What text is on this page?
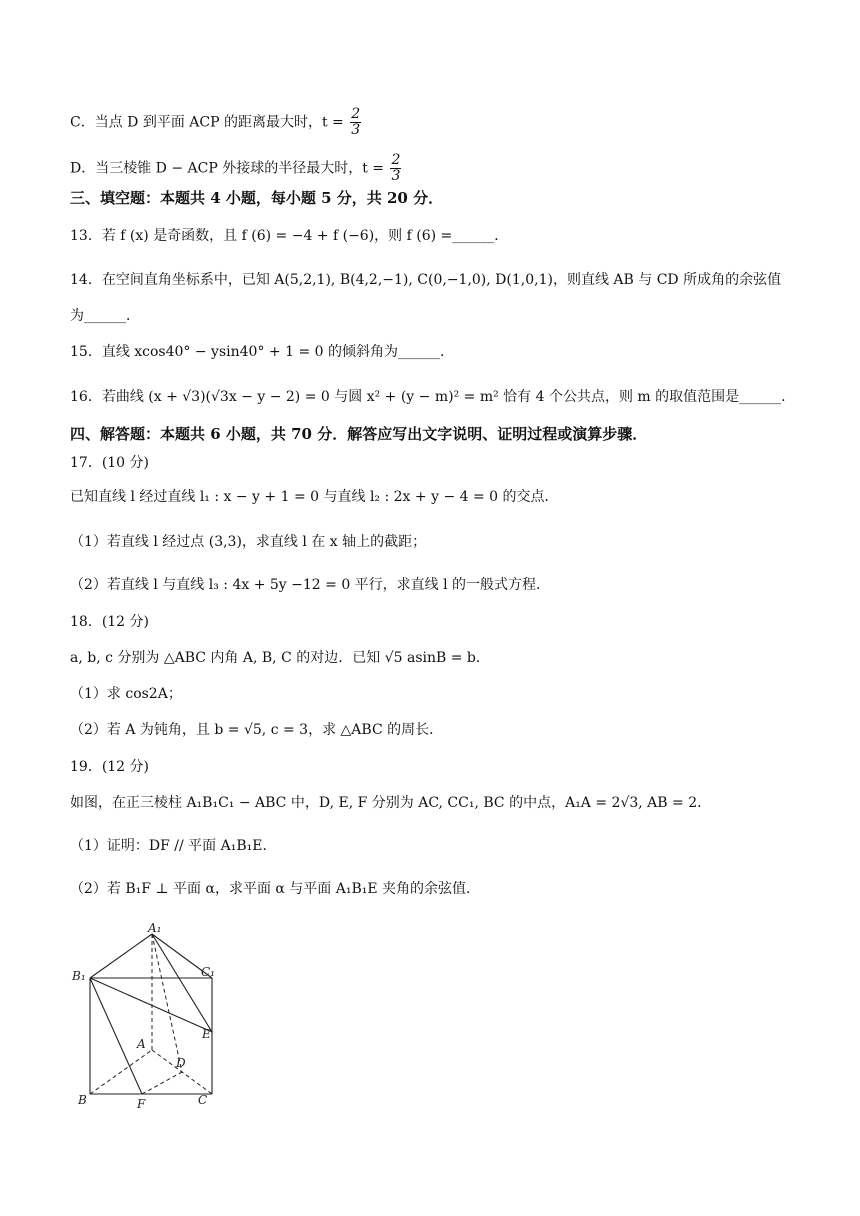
C．当点 D 到平面 ACP 的距离最大时，$t = \frac{2}{3}$
D．当三棱锥 D − ACP 外接球的半径最大时，$t = \frac{2}{3}$
三、填空题：本题共 4 小题，每小题 5 分，共 20 分．
13．若 f (x) 是奇函数，且 f (6) = −4 + f (−6)，则 f (6) =______．
14．在空间直角坐标系中，已知 A(5,2,1), B(4,2,−1), C(0,−1,0), D(1,0,1)，则直线 AB 与 CD 所成角的余弦值为______．
15．直线 xcos40° − ysin40° + 1 = 0 的倾斜角为______．
16．若曲线 (x + √3)(√3x − y − 2) = 0 与圆 x² + (y − m)² = m² 恰有 4 个公共点，则 m 的取值范围是______．
四、解答题：本题共 6 小题，共 70 分．解答应写出文字说明、证明过程或演算步骤．
17．(10 分)
已知直线 l 经过直线 l₁ : x − y + 1 = 0 与直线 l₂ : 2x + y − 4 = 0 的交点．
（1）若直线 l 经过点 (3,3)，求直线 l 在 x 轴上的截距；
（2）若直线 l 与直线 l₃ : 4x + 5y −12 = 0 平行，求直线 l 的一般式方程．
18．(12 分)
a, b, c 分别为 △ABC 内角 A, B, C 的对边．已知 √5 asinB = b．
（1）求 cos2A；
（2）若 A 为钝角，且 b = √5, c = 3，求 △ABC 的周长．
19．(12 分)
如图，在正三棱柱 A₁B₁C₁ − ABC 中，D, E, F 分别为 AC, CC₁, BC 的中点，A₁A = 2√3, AB = 2．
（1）证明：DF // 平面 A₁B₁E．
（2）若 B₁F ⊥ 平面 α，求平面 α 与平面 A₁B₁E 夹角的余弦值．
A₁
B₁	C₁
A
B	C
D
E
F
